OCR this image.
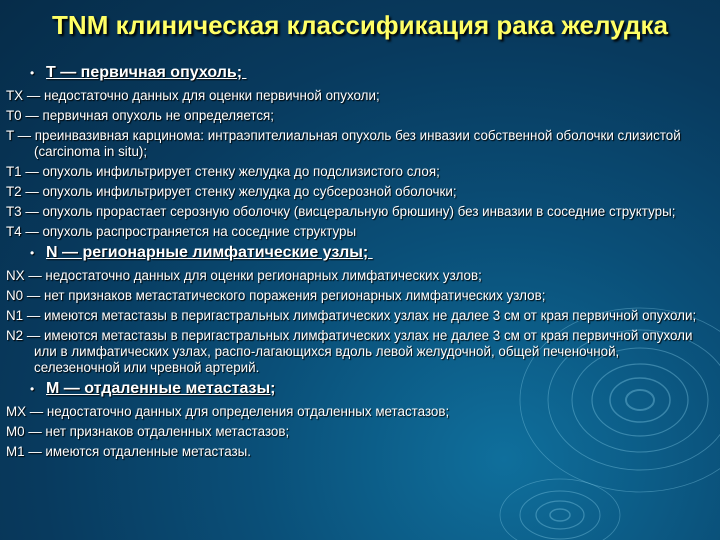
TNM клиническая классификация рака желудка
• T — первичная опухоль;
TX — недостаточно данных для оценки первичной опухоли;
T0 — первичная опухоль не определяется;
T — преинвазивная карцинома: интраэпителиальная опухоль без инвазии собственной оболочки слизистой (carcinoma in situ);
T1 — опухоль инфильтрирует стенку желудка до подслизистого слоя;
T2 — опухоль инфильтрирует стенку желудка до субсерозной оболочки;
T3 — опухоль прорастает серозную оболочку (висцеральную брюшину) без инвазии в соседние структуры;
T4 — опухоль распространяется на соседние структуры
• N — регионарные лимфатические узлы;
NX — недостаточно данных для оценки регионарных лимфатических узлов;
N0 — нет признаков метастатического поражения регионарных лимфатических узлов;
N1 — имеются метастазы в перигастральных лимфатических узлах не далее 3 см от края первичной опухоли;
N2 — имеются метастазы в перигастральных лимфатических узлах не далее 3 см от края первичной опухоли или в лимфатических узлах, распо-лагающихся вдоль левой желудочной, общей печеночной, селезеночной или чревной артерий.
• M — отдаленные метастазы;
MX — недостаточно данных для определения отдаленных метастазов;
M0 — нет признаков отдаленных метастазов;
M1 — имеются отдаленные метастазы.
